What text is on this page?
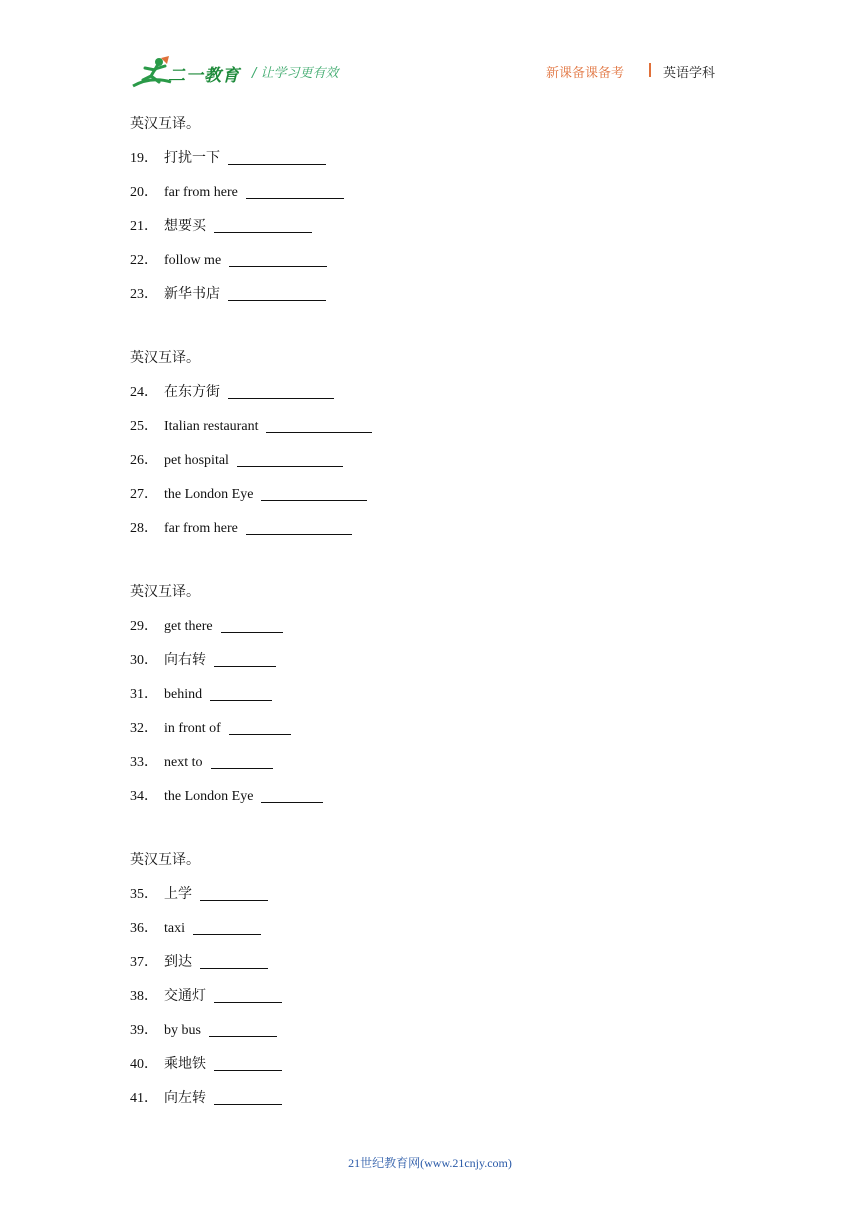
二一教育 / 让学习更有效	新课备课备考	英语学科
英汉互译。
19． 打扰一下
20． far from here
21． 想要买
22． follow me
23． 新华书店
英汉互译。
24． 在东方街
25． Italian restaurant
26． pet hospital
27． the London Eye
28． far from here
英汉互译。
29． get there
30． 向右转
31． behind
32． in front of
33． next to
34． the London Eye
英汉互译。
35． 上学
36． taxi
37． 到达
38． 交通灯
39． by bus
40． 乘地铁
41． 向左转
21世纪教育网(www.21cnjy.com)
